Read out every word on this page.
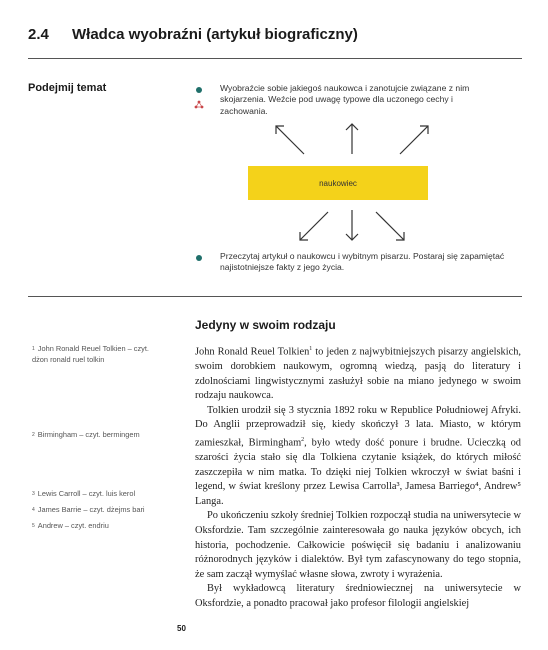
2.4 Władca wyobraźni (artykuł biograficzny)
Podejmij temat	Wyobraźcie sobie jakiegoś naukowca i zanotujcie związane z nim skojarzenia. Weźcie pod uwagę typowe dla uczonego cechy i zachowania.
naukowiec
Przeczytaj artykuł o naukowcu i wybitnym pisarzu. Postaraj się zapamiętać najistotniejsze fakty z jego życia.
$^1$ John Ronald Reuel Tolkien – czyt. dżon ronald ruel tolkin
$^2$ Birmingham – czyt. bermingem
$^3$ Lewis Carroll – czyt. luis kerol
$^4$ James Barrie – czyt. dżejms bari
$^5$ Andrew – czyt. endriu
Jedyny w swoim rodzaju

John Ronald Reuel Tolkien$^1$ to jeden z najwybitniejszych pisarzy angielskich, swoim dorobkiem naukowym, ogromną wiedzą, pasją do literatury i zdolnościami lingwistycznymi zasłużył sobie na miano jedynego w swoim rodzaju naukowca.

Tolkien urodził się 3 stycznia 1892 roku w Republice Południowej Afryki. Do Anglii przeprowadził się, kiedy skończył 3 lata. Miasto, w którym zamieszkał, Birmingham$^2$, było wtedy dość ponure i brudne. Ucieczką od szarości życia stało się dla Tolkiena czytanie książek, do których miłość zaszczepiła w nim matka. To dzięki niej Tolkien wkroczył w świat baśni i legend, w świat kreślony przez Lewisa Carrolla³, Jamesa Barriego⁴, Andrew⁵ Langa.

Po ukończeniu szkoły średniej Tolkien rozpoczął studia na uniwersytecie w Oksfordzie. Tam szczególnie zainteresowała go nauka języków obcych, ich historia, pochodzenie. Całkowicie poświęcił się badaniu i analizowaniu różnorodnych języków i dialektów. Był tym zafascynowany do tego stopnia, że sam zaczął wymyślać własne słowa, zwroty i wyrażenia.

Był wykładowcą literatury średniowiecznej na uniwersytecie w Oksfordzie, a ponadto pracował jako profesor filologii angielskiej

50
